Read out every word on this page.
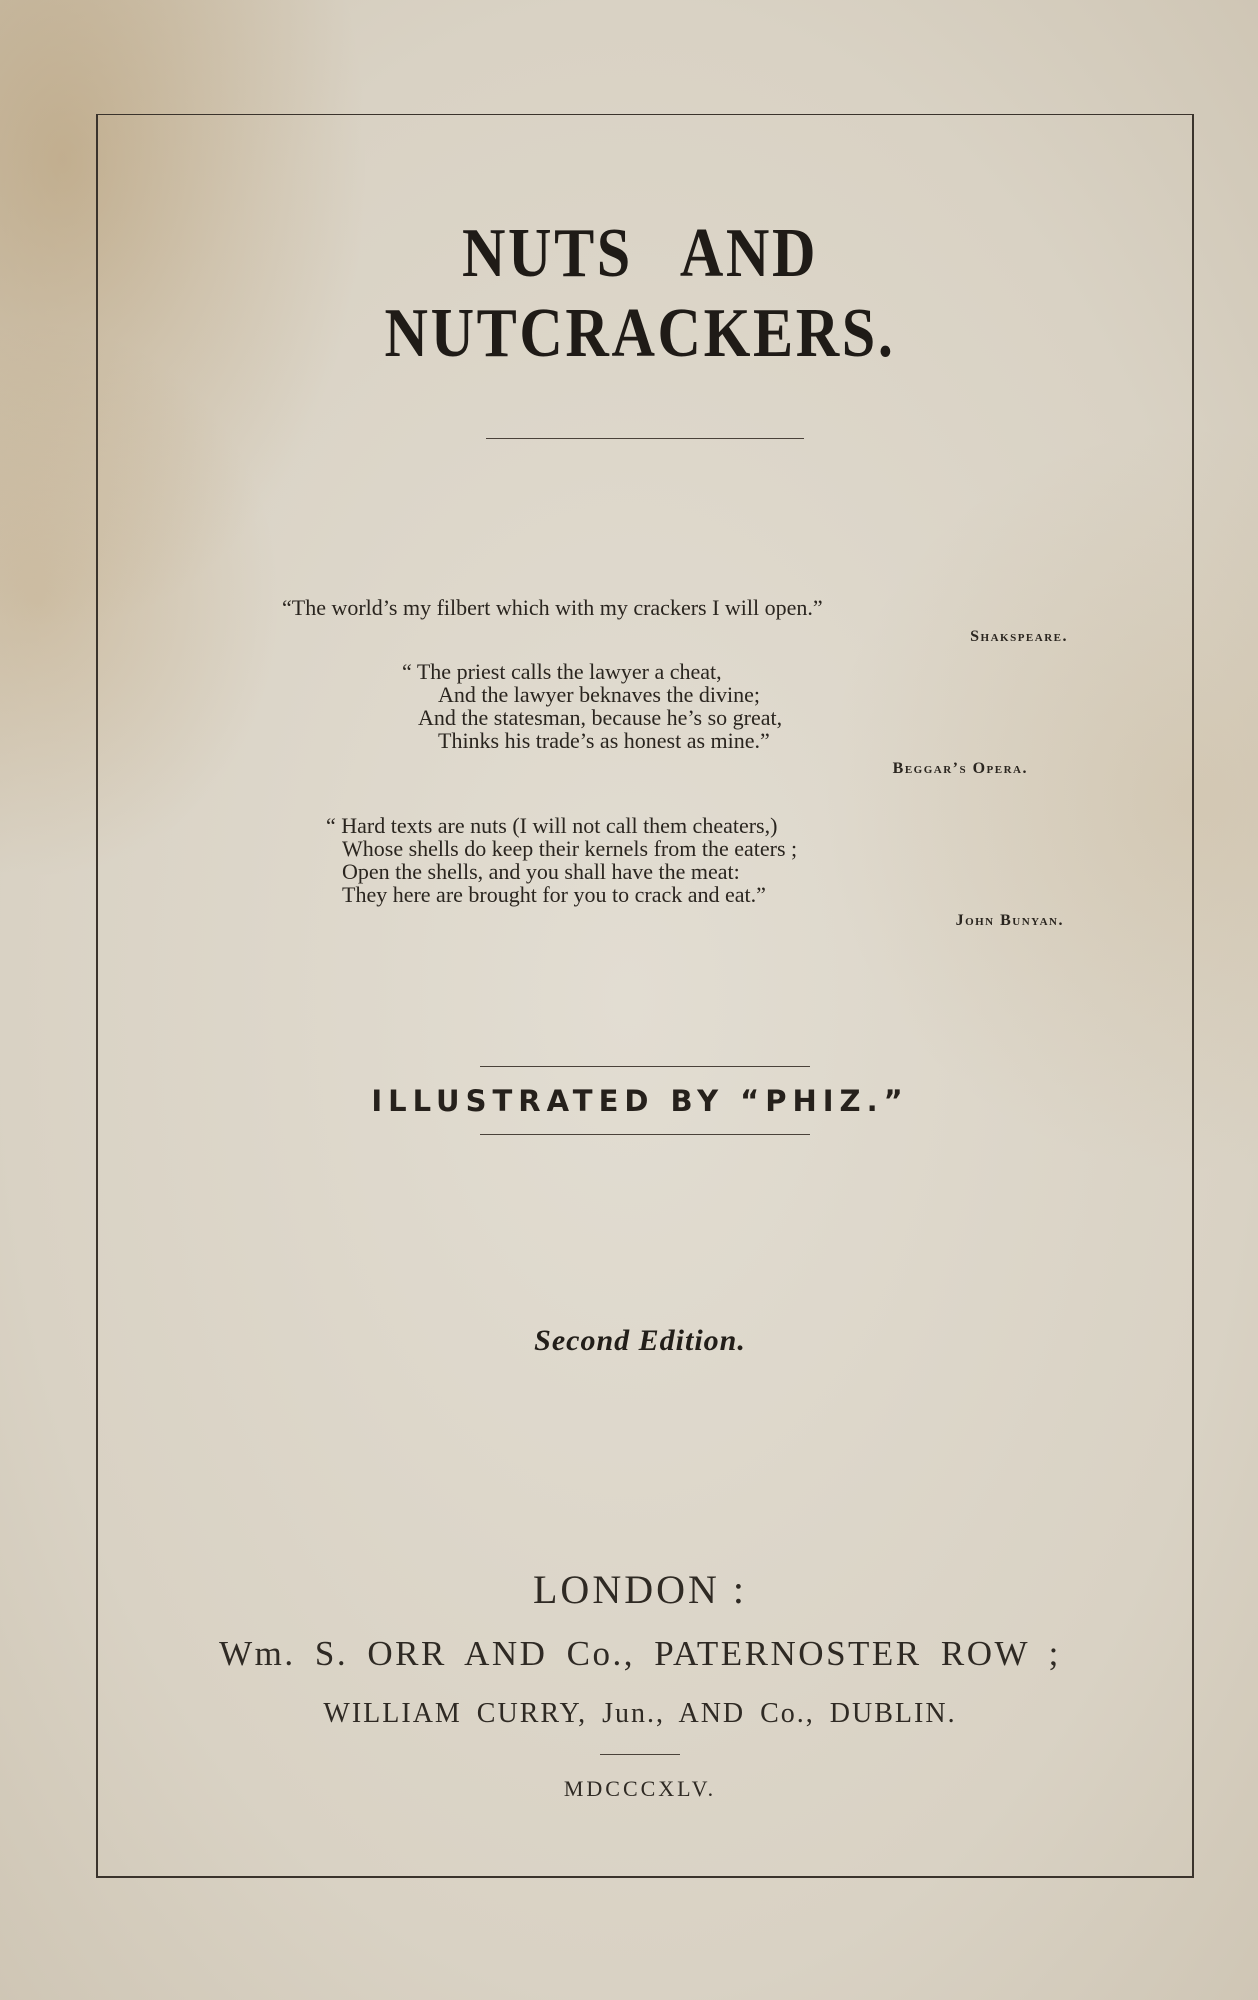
NUTS AND NUTCRACKERS.
“The world’s my filbert which with my crackers I will open.”
Shakspeare.
“ The priest calls the lawyer a cheat,
And the lawyer beknaves the divine;
And the statesman, because he’s so great,
Thinks his trade’s as honest as mine.”
Beggar’s Opera.
“ Hard texts are nuts (I will not call them cheaters,)
Whose shells do keep their kernels from the eaters ;
Open the shells, and you shall have the meat:
They here are brought for you to crack and eat.”
John Bunyan.
ILLUSTRATED BY “PHIZ.”
Second Edition.
LONDON :
Wm. S. ORR AND Co., PATERNOSTER ROW ;
WILLIAM CURRY, Jun., AND Co., DUBLIN.
MDCCCXLV.
